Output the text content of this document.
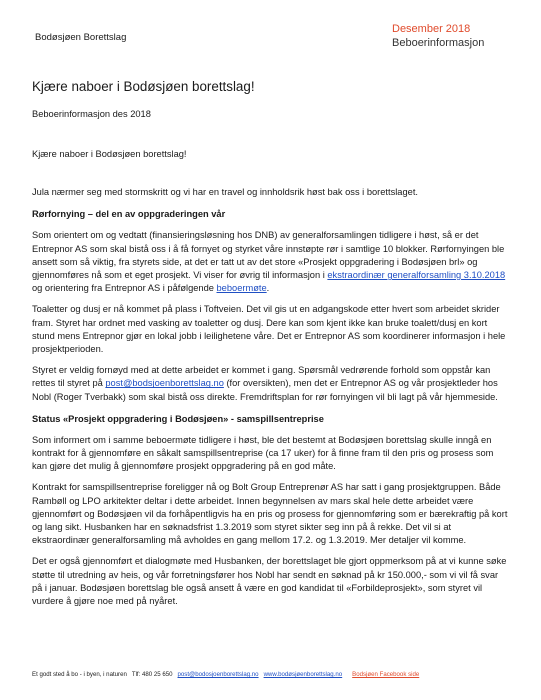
Bodøsjøen Borettslag
Desember 2018
Beboerinformasjon
Kjære naboer i Bodøsjøen borettslag!

Beboerinformasjon des 2018

Kjære naboer i Bodøsjøen borettslag!

Jula nærmer seg med stormskritt og vi har en travel og innholdsrik høst bak oss i borettslaget.

Rørfornying – del en av oppgraderingen vår

Som orientert om og vedtatt (finansieringsløsning hos DNB) av generalforsamlingen tidligere i høst, så er det Entrepnor AS som skal bistå oss i å få fornyet og styrket våre innstøpte rør i samtlige 10 blokker. Rørfornyingen ble ansett som så viktig, fra styrets side, at det er tatt ut av det store «Prosjekt oppgradering i Bodøsjøen brl» og gjennomføres nå som et eget prosjekt. Vi viser for øvrig til informasjon i ekstraordinær generalforsamling 3.10.2018 og orientering fra Entrepnor AS i påfølgende beboermøte.

Toaletter og dusj er nå kommet på plass i Toftveien. Det vil gis ut en adgangskode etter hvert som arbeidet skrider fram. Styret har ordnet med vasking av toaletter og dusj. Dere kan som kjent ikke kan bruke toalett/dusj en kort stund mens Entrepnor gjør en lokal jobb i leilighetene våre. Det er Entrepnor AS som koordinerer informasjon i hele prosjektperioden.

Styret er veldig fornøyd med at dette arbeidet er kommet i gang. Spørsmål vedrørende forhold som oppstår kan rettes til styret på post@bodsjoenborettslag.no (for oversikten), men det er Entrepnor AS og vår prosjektleder hos Nobl (Roger Tverbakk) som skal bistå oss direkte. Fremdriftsplan for rør fornyingen vil bli lagt på vår hjemmeside.

Status «Prosjekt oppgradering i Bodøsjøen» - samspillsentreprise

Som informert om i samme beboermøte tidligere i høst, ble det bestemt at Bodøsjøen borettslag skulle inngå en kontrakt for å gjennomføre en såkalt samspillsentreprise (ca 17 uker) for å finne fram til den pris og prosess som kan gjøre det mulig å gjennomføre prosjekt oppgradering på en god måte.

Kontrakt for samspillsentreprise foreligger nå og Bolt Group Entreprenør AS har satt i gang prosjektgruppen. Både Rambøll og LPO arkitekter deltar i dette arbeidet. Innen begynnelsen av mars skal hele dette arbeidet være gjennomført og Bodøsjøen vil da forhåpentligvis ha en pris og prosess for gjennomføring som er bærekraftig på kort og lang sikt. Husbanken har en søknadsfrist 1.3.2019 som styret sikter seg inn på å rekke. Det vil si at ekstraordinær generalforsamling må avholdes en gang mellom 17.2. og 1.3.2019. Mer detaljer vil komme.

Det er også gjennomført et dialogmøte med Husbanken, der borettslaget ble gjort oppmerksom på at vi kunne søke støtte til utredning av heis, og vår forretningsfører hos Nobl har sendt en søknad på kr 150.000,- som vi vil få svar på i januar. Bodøsjøen borettslag ble også ansett å være en god kandidat til «Forbildeprosjekt», som styret vil vurdere å gjøre noe med på nyåret.

Et godt sted å bo - i byen, i naturen Tlf: 480 25 650 post@bodosjoenborettslag.no www.bodøsjøenborettslag.no Bodsjøen Facebook side
